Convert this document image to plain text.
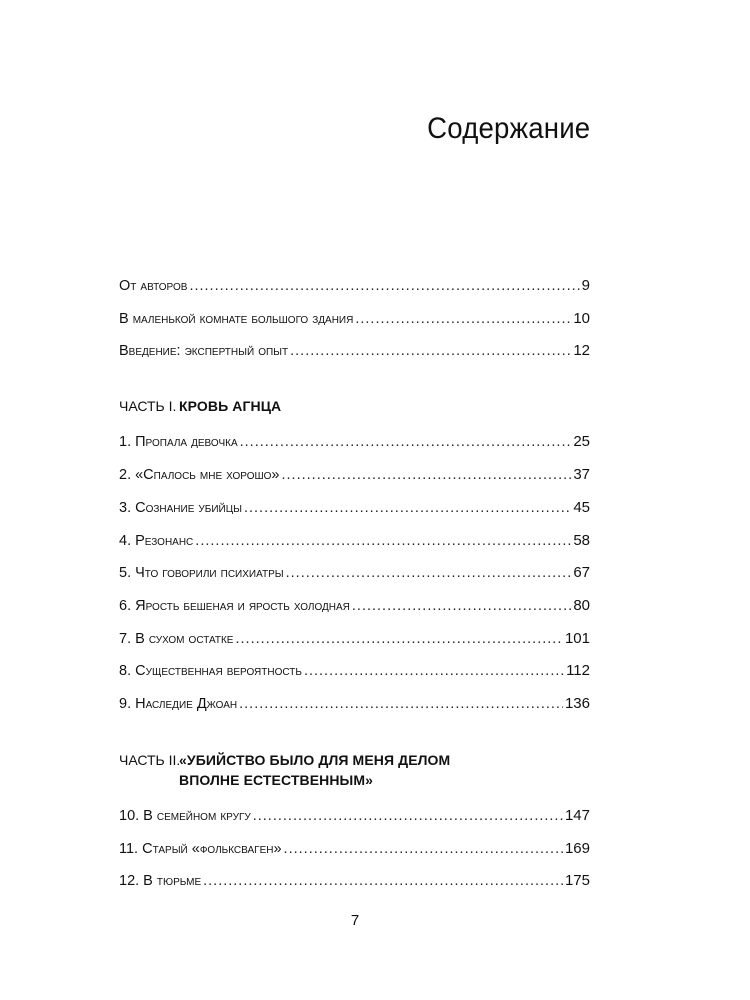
Содержание
От авторов .....	9
В маленькой комнате большого здания .....	10
Введение: экспертный опыт .....	12
ЧАСТЬ I. КРОВЬ АГНЦА
1. Пропала девочка .....	25
2. «Спалось мне хорошо» .....	37
3. Сознание убийцы .....	45
4. Резонанс .....	58
5. Что говорили психиатры .....	67
6. Ярость бешеная и ярость холодная .....	80
7. В сухом остатке .....	101
8. Существенная вероятность .....	112
9. Наследие Джоан .....	136
ЧАСТЬ II.
«УБИЙСТВО БЫЛО ДЛЯ МЕНЯ ДЕЛОМ
ВПОЛНЕ ЕСТЕСТВЕННЫМ»
10. В семейном кругу .....	147
11. Старый «фольксваген» .....	169
12. В тюрьме .....	175
7
